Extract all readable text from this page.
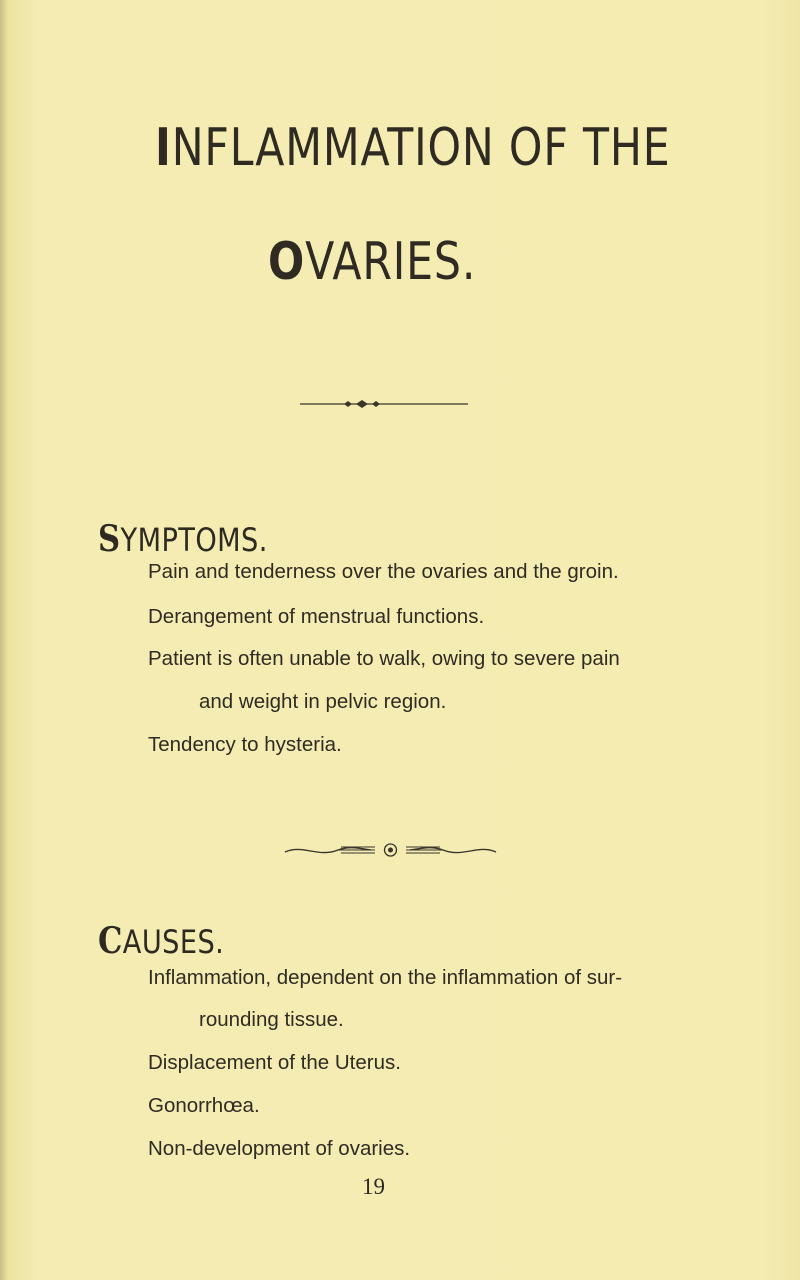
INFLAMMATION OF THE
OVARIES.
SYMPTOMS.
Pain and tenderness over the ovaries and the groin.
Derangement of menstrual functions.
Patient is often unable to walk, owing to severe pain
and weight in pelvic region.
Tendency to hysteria.
CAUSES.
Inflammation, dependent on the inflammation of sur-
rounding tissue.
Displacement of the Uterus.
Gonorrhœa.
Non-development of ovaries.
19
